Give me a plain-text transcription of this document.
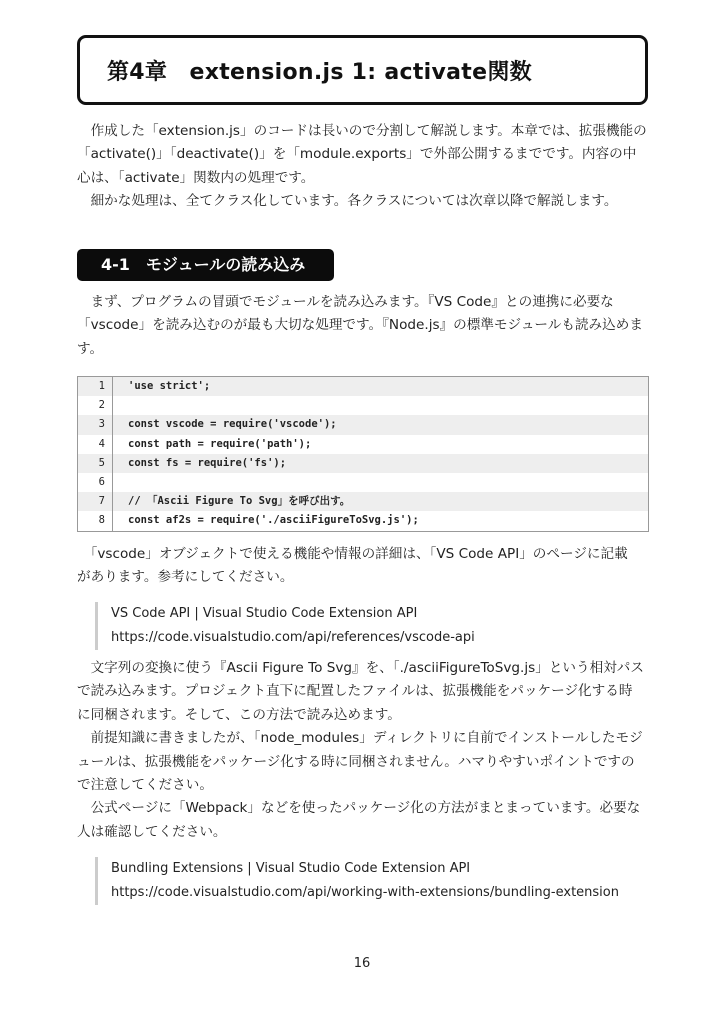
第4章　extension.js 1: activate関数
　作成した「extension.js」のコードは長いので分割して解説します。本章では、拡張機能の
「activate()」「deactivate()」を「module.exports」で外部公開するまでです。内容の中
心は、「activate」関数内の処理です。
　細かな処理は、全てクラス化しています。各クラスについては次章以降で解説します。
4-1　モジュールの読み込み
　まず、プログラムの冒頭でモジュールを読み込みます。『VS Code』との連携に必要な
「vscode」を読み込むのが最も大切な処理です。『Node.js』の標準モジュールも読み込めま
す。
1	'use strict';
2
3	const vscode = require('vscode');
4	const path = require('path');
5	const fs = require('fs');
6
7	// 「Ascii Figure To Svg」を呼び出す。
8	const af2s = require('./asciiFigureToSvg.js');
　「vscode」オブジェクトで使える機能や情報の詳細は、「VS Code API」のページに記載
があります。参考にしてください。
VS Code API | Visual Studio Code Extension API
https://code.visualstudio.com/api/references/vscode-api
　文字列の変換に使う『Ascii Figure To Svg』を、「./asciiFigureToSvg.js」という相対パス
で読み込みます。プロジェクト直下に配置したファイルは、拡張機能をパッケージ化する時
に同梱されます。そして、この方法で読み込めます。
　前提知識に書きましたが、「node_modules」ディレクトリに自前でインストールしたモジ
ュールは、拡張機能をパッケージ化する時に同梱されません。ハマりやすいポイントですの
で注意してください。
　公式ページに「Webpack」などを使ったパッケージ化の方法がまとまっています。必要な
人は確認してください。
Bundling Extensions | Visual Studio Code Extension API
https://code.visualstudio.com/api/working-with-extensions/bundling-extension
16
